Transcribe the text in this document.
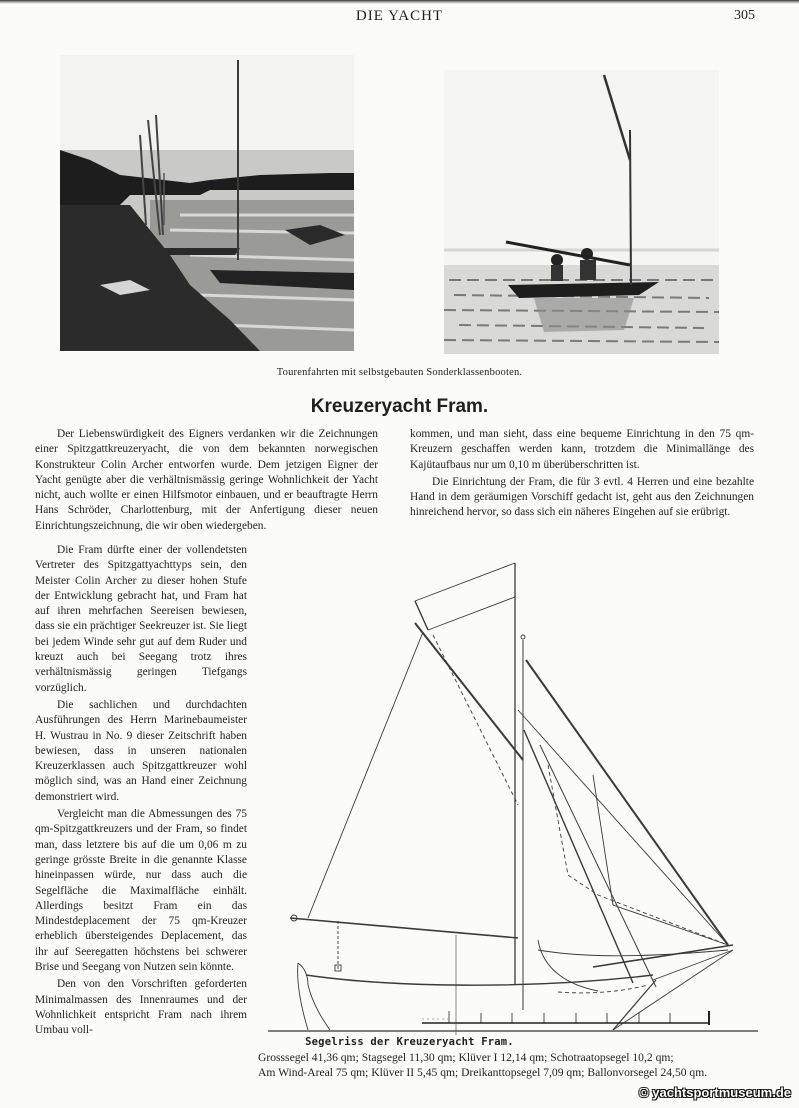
DIE YACHT	305
Tourenfahrten mit selbstgebauten Sonderklassenbooten.
Kreuzeryacht Fram.

Der Liebenswürdigkeit des Eigners verdanken wir die Zeichnungen einer Spitzgattkreuzeryacht, die von dem bekannten norwegischen Konstrukteur Colin Archer entworfen wurde. Dem jetzigen Eigner der Yacht genügte aber die verhältnismässig geringe Wohnlichkeit der Yacht nicht, auch wollte er einen Hilfsmotor einbauen, und er beauftragte Herrn Hans Schröder, Charlottenburg, mit der Anfertigung dieser neuen Einrichtungszeichnung, die wir oben wiedergeben.

Die Fram dürfte einer der vollendetsten Vertreter des Spitzgattyachttyps sein, den Meister Colin Archer zu dieser hohen Stufe der Entwicklung gebracht hat, und Fram hat auf ihren mehrfachen Seereisen bewiesen, dass sie ein prächtiger Seekreuzer ist. Sie liegt bei jedem Winde sehr gut auf dem Ruder und kreuzt auch bei Seegang trotz ihres verhältnismässig geringen Tiefgangs vorzüglich.

Die sachlichen und durchdachten Ausführungen des Herrn Marinebaumeister H. Wustrau in No. 9 dieser Zeitschrift haben bewiesen, dass in unseren nationalen Kreuzerklassen auch Spitzgattkreuzer wohl möglich sind, was an Hand einer Zeichnung demonstriert wird.

Vergleicht man die Abmessungen des 75 qm-Spitzgattkreuzers und der Fram, so findet man, dass letztere bis auf die um 0,06 m zu geringe grösste Breite in die genannte Klasse hineinpassen würde, nur dass auch die Segelfläche die Maximalfläche einhält. Allerdings besitzt Fram ein das Mindestdeplacement der 75 qm-Kreuzer erheblich übersteigendes Deplacement, das ihr auf Seeregatten höchstens bei schwerer Brise und Seegang von Nutzen sein könnte.

Den von den Vorschriften geforderten Minimalmassen des Innenraumes und der Wohnlichkeit entspricht Fram nach ihrem Umbau voll-

kommen, und man sieht, dass eine bequeme Einrichtung in den 75 qm-Kreuzern geschaffen werden kann, trotzdem die Minimallänge des Kajütaufbaus nur um 0,10 m überüberschritten ist.

Die Einrichtung der Fram, die für 3 evtl. 4 Herren und eine bezahlte Hand in dem geräumigen Vorschiff gedacht ist, geht aus den Zeichnungen hinreichend hervor, so dass sich ein näheres Eingehen auf sie erübrigt.

Segelriss der Kreuzeryacht Fram.
Grosssegel 41,36 qm; Stagsegel 11,30 qm; Klüver I 12,14 qm; Schotraatopsegel 10,2 qm;
Am Wind-Areal 75 qm; Klüver II 5,45 qm; Dreikanttopsegel 7,09 qm; Ballonvorsegel 24,50 qm.
© yachtsportmuseum.de
